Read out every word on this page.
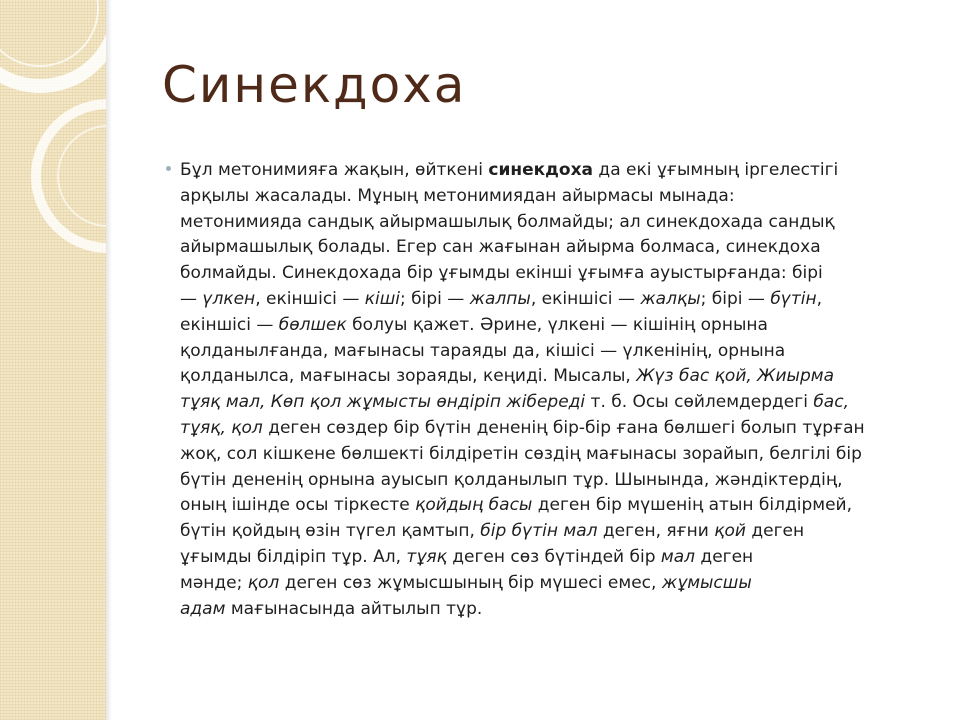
Синекдоха
Бұл метонимияға жақын, өйткені синекдоха да екі ұғымның іргелестігі
арқылы жасалады. Мұның метонимиядан айырмасы мынада:
метонимияда сандық айырмашылық болмайды; ал синекдохада сандық
айырмашылық болады. Егер сан жағынан айырма болмаса, синекдоха
болмайды. Синекдохада бір ұғымды екінші ұғымға ауыстырғанда: бірі
— үлкен, екіншісі — кіші; бірі — жалпы, екіншісі — жалқы; бірі — бүтін,
екіншісі — бөлшек болуы қажет. Әрине, үлкені — кішінің орнына
қолданылғанда, мағынасы тараяды да, кішісі — үлкенінің, орнына
қолданылса, мағынасы зораяды, кеңиді. Мысалы, Жүз бас қой, Жиырма
тұяқ мал, Көп қол жұмысты өндіріп жібереді т. б. Осы сөйлемдердегі бас,
тұяқ, қол деген сөздер бір бүтін дененің бір-бір ғана бөлшегі болып тұрған
жоқ, сол кішкене бөлшекті білдіретін сөздің мағынасы зорайып, белгілі бір
бүтін дененің орнына ауысып қолданылып тұр. Шынында, жәндіктердің,
оның ішінде осы тіркесте қойдың басы деген бір мүшенің атын білдірмей,
бүтін қойдың өзін түгел қамтып, бір бүтін мал деген, яғни қой деген
ұғымды білдіріп тұр. Ал, тұяқ деген сөз бүтіндей бір мал деген
мәнде; қол деген сөз жұмысшының бір мүшесі емес, жұмысшы
адам мағынасында айтылып тұр.
